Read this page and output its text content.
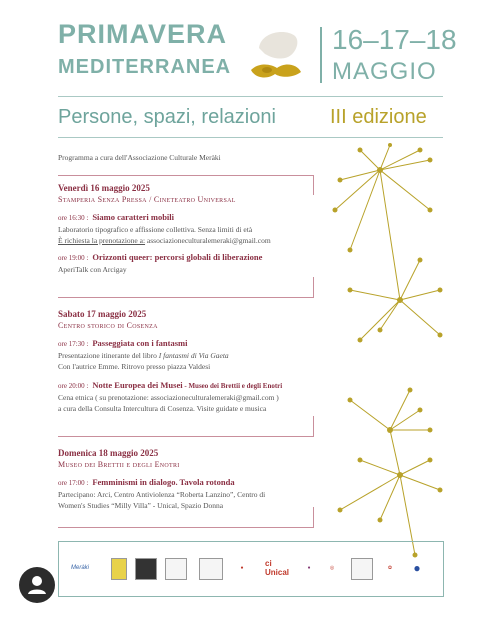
PRIMAVERA
MEDITERRANEA
16–17–18
MAGGIO
Persone, spazi, relazioni	III edizione
Programma a cura dell'Associazione Culturale Meràki
Venerdì 16 maggio 2025
Stamperia Senza Pressa / Cineteatro Universal
ore 16:30 : Siamo caratteri mobili
Laboratorio tipografico e affissione collettiva. Senza limiti di età
È richiesta la prenotazione a: associazioneculturalemeraki@gmail.com
ore 19:00 : Orizzonti queer: percorsi globali di liberazione
AperiTalk con Arcigay
Sabato 17 maggio 2025
Centro storico di Cosenza
ore 17:30 : Passeggiata con i fantasmi
Presentazione itinerante del libro I fantasmi di Via Gaeta
Con l'autrice Emme. Ritrovo presso piazza Valdesi
ore 20:00 : Notte Europea dei Musei - Museo dei Brettii e degli Enotri
Cena etnica ( su prenotazione: associazioneculturalemeraki@gmail.com )
a cura della Consulta Intercultura di Cosenza. Visite guidate e musica
Domenica 18 maggio 2025
Museo dei Brettii e degli Enotri
ore 17:00 : Femminismi in dialogo. Tavola rotonda
Partecipano: Arci, Centro Antiviolenza “Roberta Lanzino”, Centro di
Women's Studies “Milly Villa” - Unical, Spazio Donna
Meràki	●	ci Unical	♦	◎	✿	●
